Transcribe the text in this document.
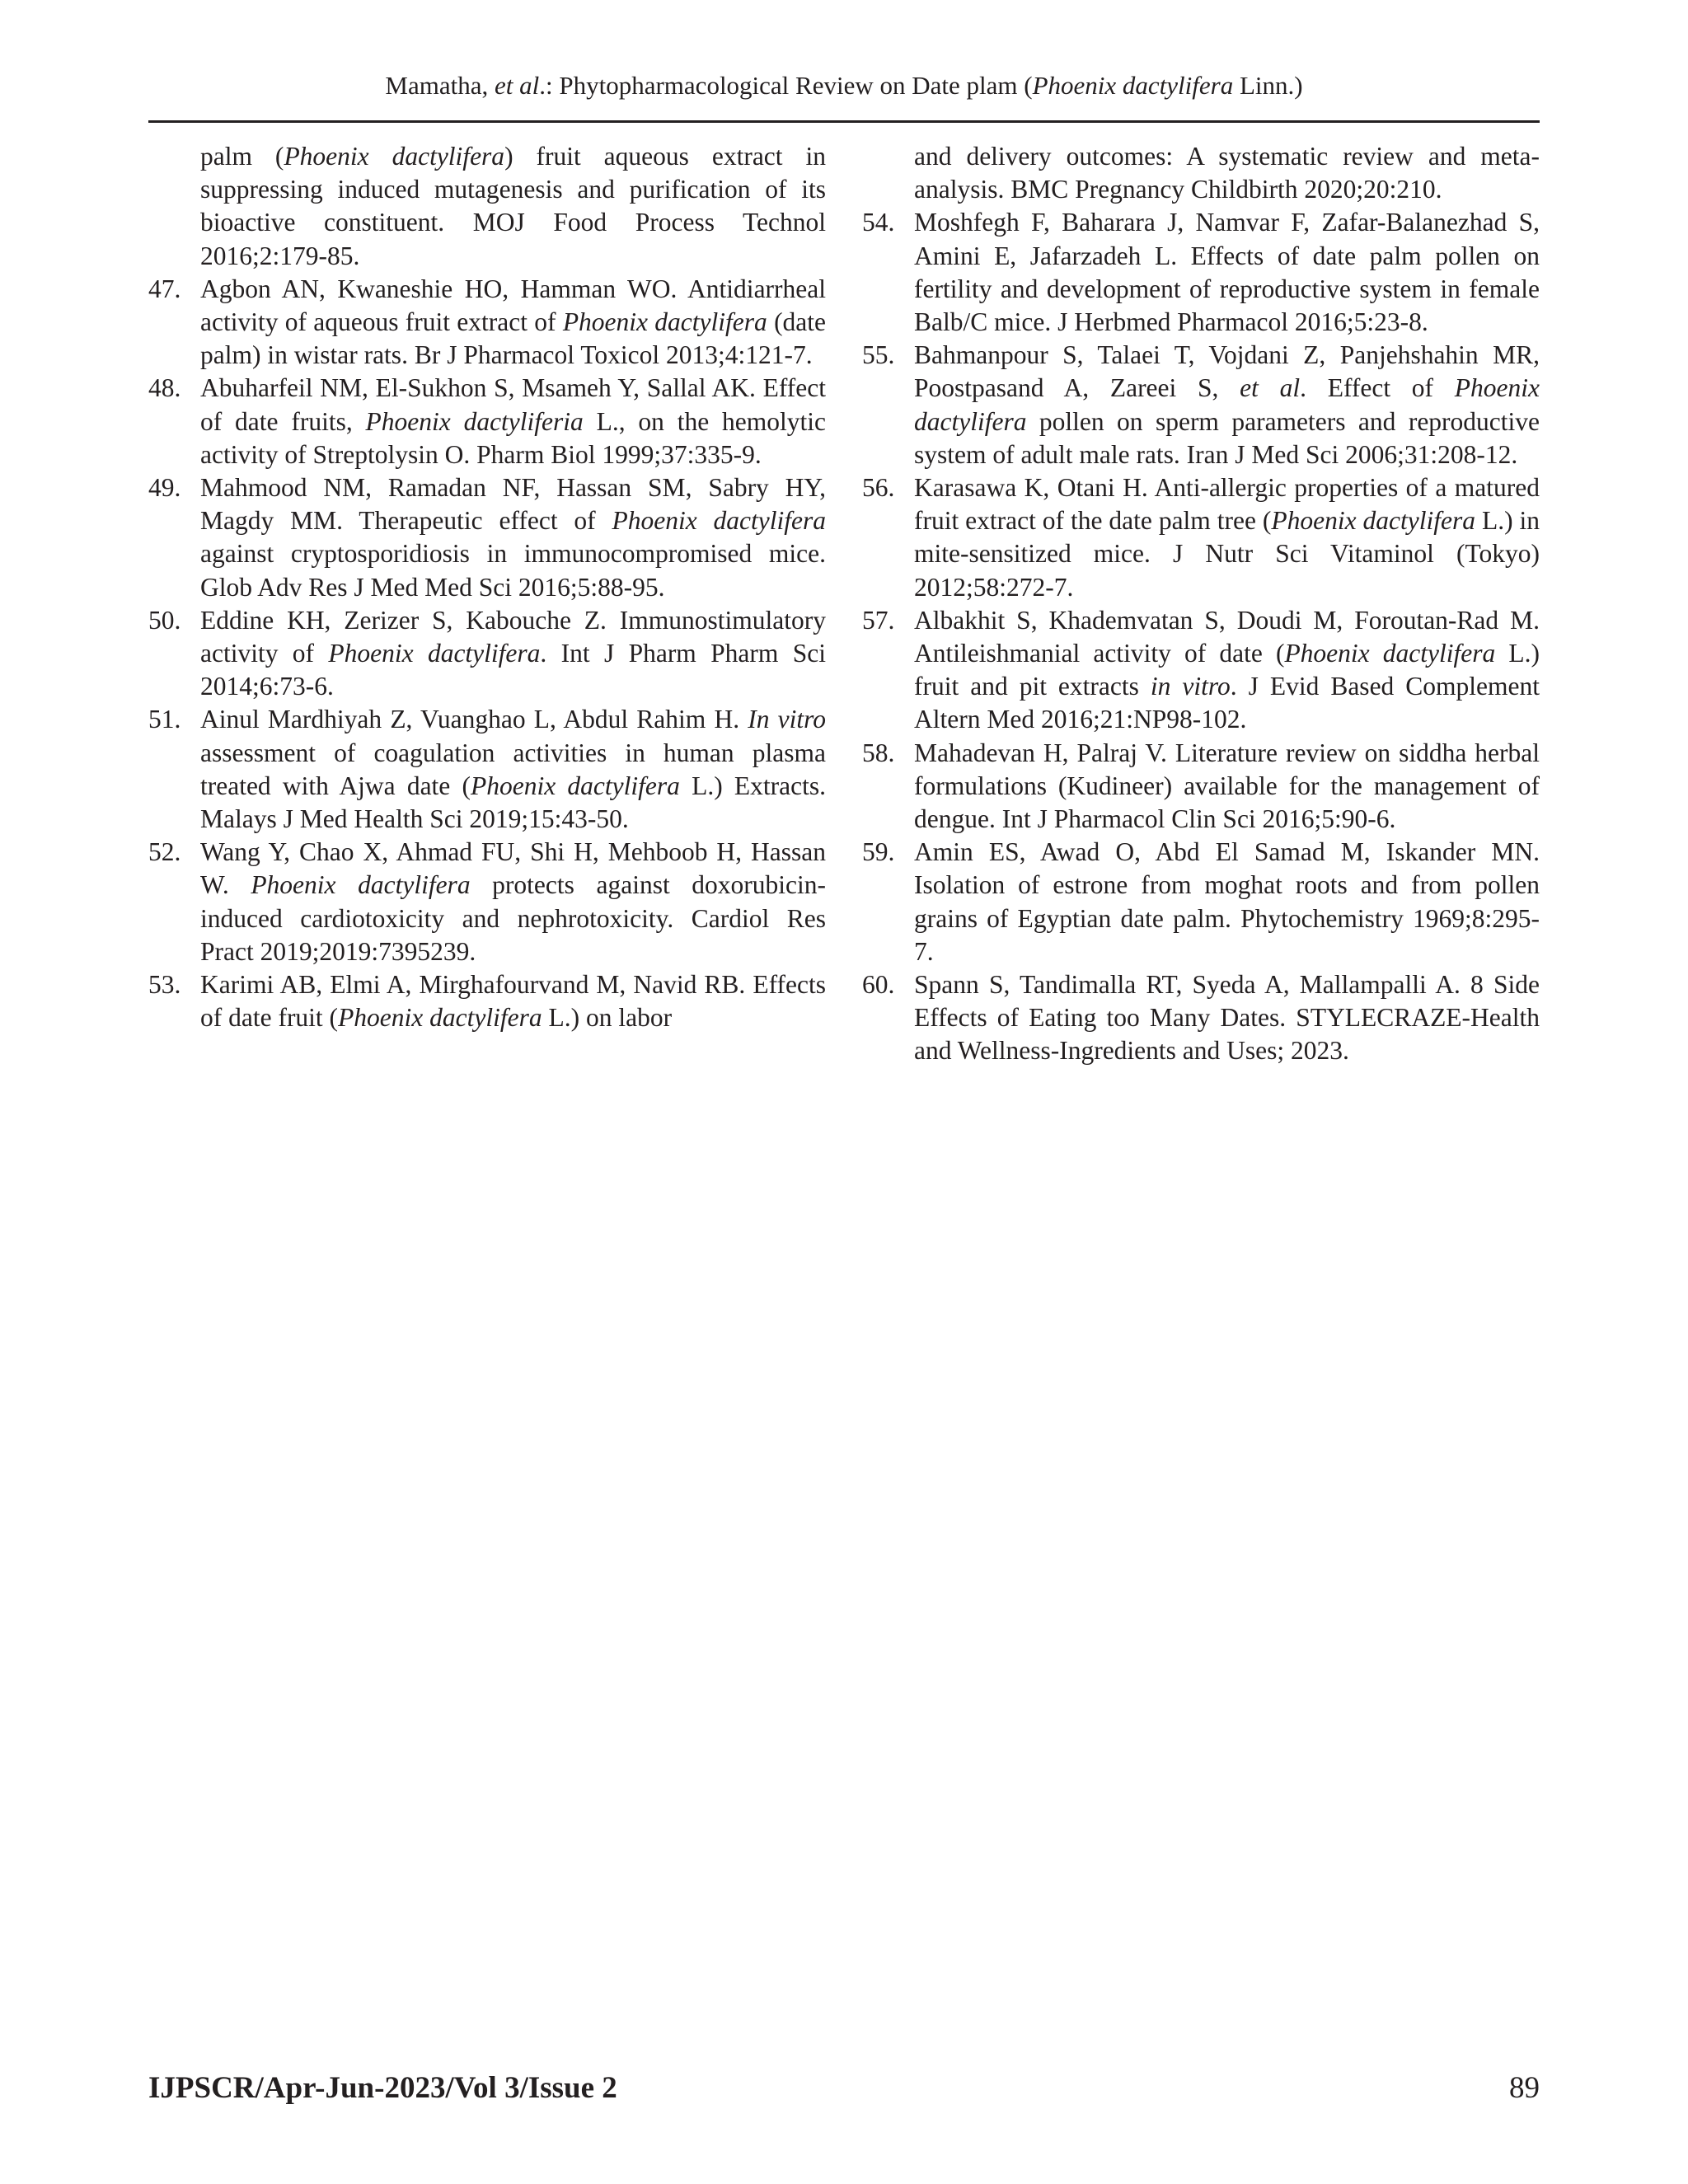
Mamatha, et al.: Phytopharmacological Review on Date plam (Phoenix dactylifera Linn.)
palm (Phoenix dactylifera) fruit aqueous extract in suppressing induced mutagenesis and purification of its bioactive constituent. MOJ Food Process Technol 2016;2:179-85.
47. Agbon AN, Kwaneshie HO, Hamman WO. Antidiarrheal activity of aqueous fruit extract of Phoenix dactylifera (date palm) in wistar rats. Br J Pharmacol Toxicol 2013;4:121-7.
48. Abuharfeil NM, El-Sukhon S, Msameh Y, Sallal AK. Effect of date fruits, Phoenix dactyliferia L., on the hemolytic activity of Streptolysin O. Pharm Biol 1999;37:335-9.
49. Mahmood NM, Ramadan NF, Hassan SM, Sabry HY, Magdy MM. Therapeutic effect of Phoenix dactylifera against cryptosporidiosis in immunocompromised mice. Glob Adv Res J Med Med Sci 2016;5:88-95.
50. Eddine KH, Zerizer S, Kabouche Z. Immunostimulatory activity of Phoenix dactylifera. Int J Pharm Pharm Sci 2014;6:73-6.
51. Ainul Mardhiyah Z, Vuanghao L, Abdul Rahim H. In vitro assessment of coagulation activities in human plasma treated with Ajwa date (Phoenix dactylifera L.) Extracts. Malays J Med Health Sci 2019;15:43-50.
52. Wang Y, Chao X, Ahmad FU, Shi H, Mehboob H, Hassan W. Phoenix dactylifera protects against doxorubicin-induced cardiotoxicity and nephrotoxicity. Cardiol Res Pract 2019;2019:7395239.
53. Karimi AB, Elmi A, Mirghafourvand M, Navid RB. Effects of date fruit (Phoenix dactylifera L.) on labor
and delivery outcomes: A systematic review and meta-analysis. BMC Pregnancy Childbirth 2020;20:210.
54. Moshfegh F, Baharara J, Namvar F, Zafar-Balanezhad S, Amini E, Jafarzadeh L. Effects of date palm pollen on fertility and development of reproductive system in female Balb/C mice. J Herbmed Pharmacol 2016;5:23-8.
55. Bahmanpour S, Talaei T, Vojdani Z, Panjehshahin MR, Poostpasand A, Zareei S, et al. Effect of Phoenix dactylifera pollen on sperm parameters and reproductive system of adult male rats. Iran J Med Sci 2006;31:208-12.
56. Karasawa K, Otani H. Anti-allergic properties of a matured fruit extract of the date palm tree (Phoenix dactylifera L.) in mite-sensitized mice. J Nutr Sci Vitaminol (Tokyo) 2012;58:272-7.
57. Albakhit S, Khademvatan S, Doudi M, Foroutan-Rad M. Antileishmanial activity of date (Phoenix dactylifera L.) fruit and pit extracts in vitro. J Evid Based Complement Altern Med 2016;21:NP98-102.
58. Mahadevan H, Palraj V. Literature review on siddha herbal formulations (Kudineer) available for the management of dengue. Int J Pharmacol Clin Sci 2016;5:90-6.
59. Amin ES, Awad O, Abd El Samad M, Iskander MN. Isolation of estrone from moghat roots and from pollen grains of Egyptian date palm. Phytochemistry 1969;8:295-7.
60. Spann S, Tandimalla RT, Syeda A, Mallampalli A. 8 Side Effects of Eating too Many Dates. STYLECRAZE-Health and Wellness-Ingredients and Uses; 2023.
IJPSCR/Apr-Jun-2023/Vol 3/Issue 2	89
